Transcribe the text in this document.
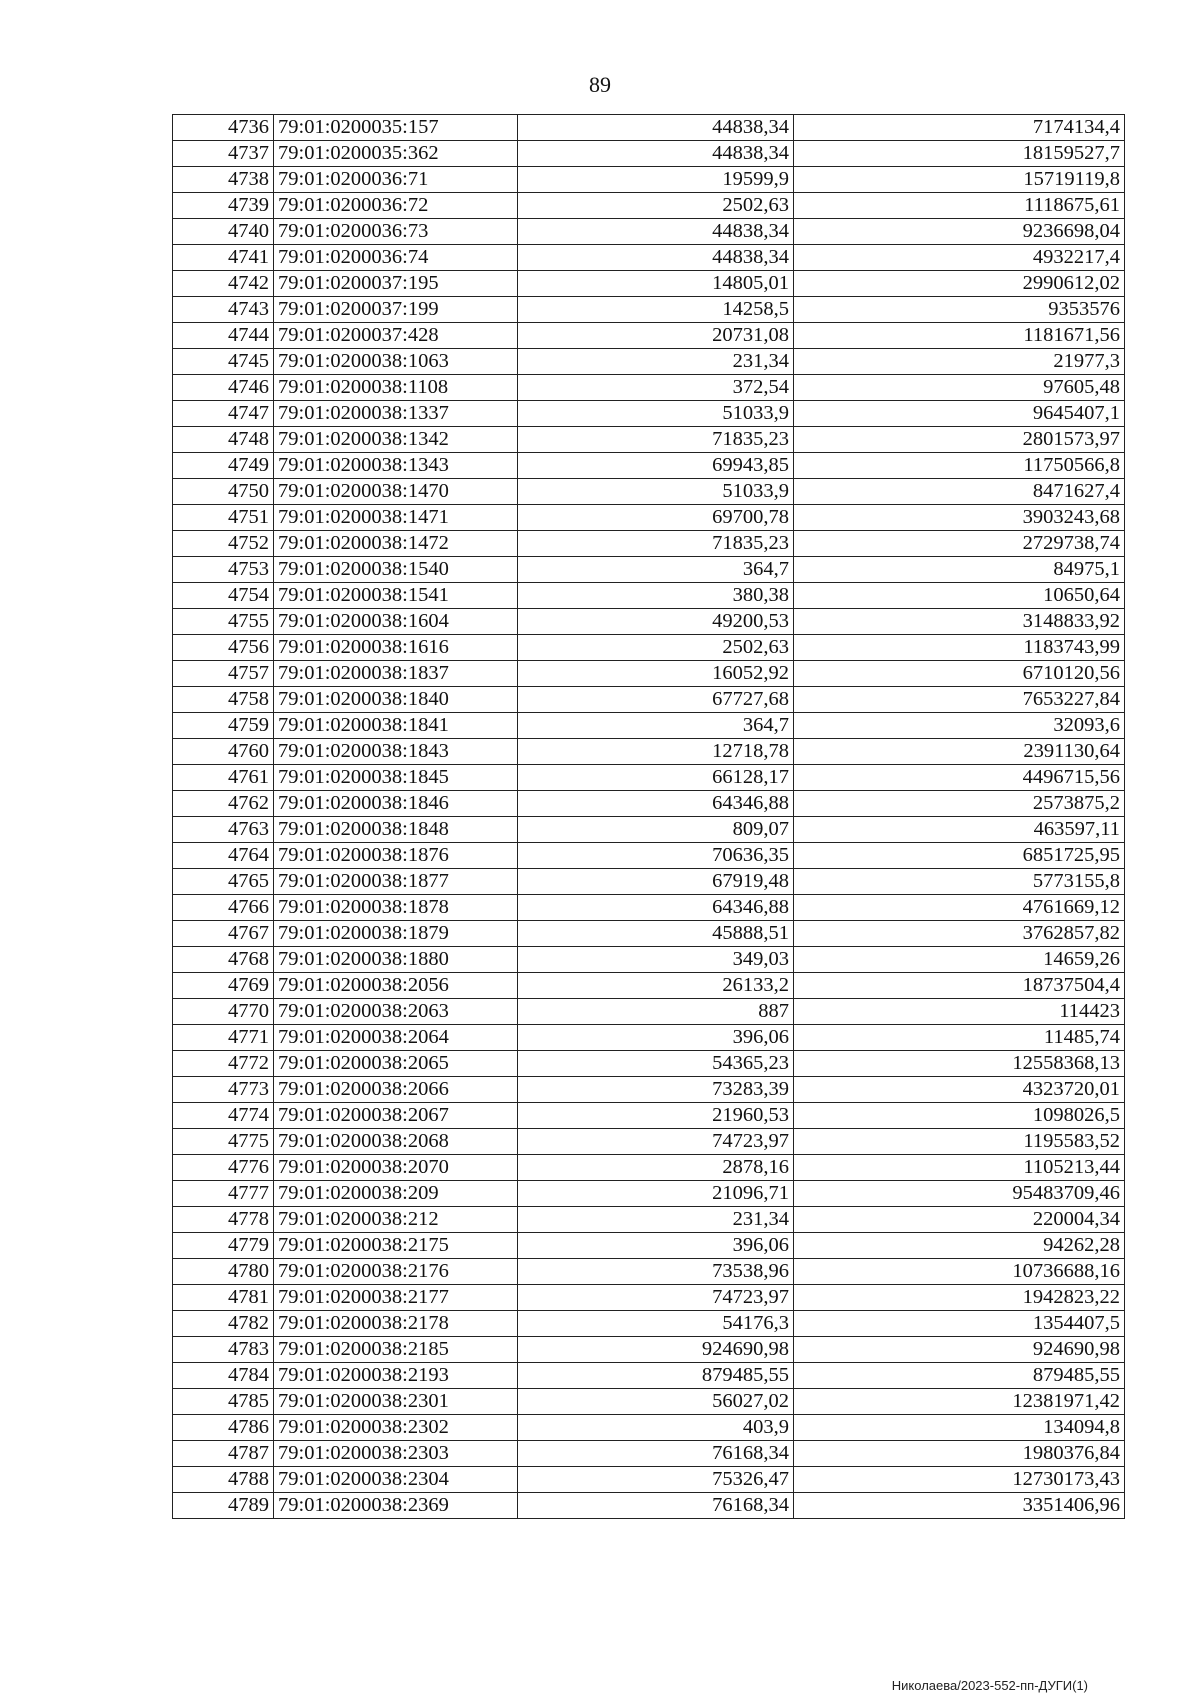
89
4736	79:01:0200035:157	44838,34	7174134,4
4737	79:01:0200035:362	44838,34	18159527,7
4738	79:01:0200036:71	19599,9	15719119,8
4739	79:01:0200036:72	2502,63	1118675,61
4740	79:01:0200036:73	44838,34	9236698,04
4741	79:01:0200036:74	44838,34	4932217,4
4742	79:01:0200037:195	14805,01	2990612,02
4743	79:01:0200037:199	14258,5	9353576
4744	79:01:0200037:428	20731,08	1181671,56
4745	79:01:0200038:1063	231,34	21977,3
4746	79:01:0200038:1108	372,54	97605,48
4747	79:01:0200038:1337	51033,9	9645407,1
4748	79:01:0200038:1342	71835,23	2801573,97
4749	79:01:0200038:1343	69943,85	11750566,8
4750	79:01:0200038:1470	51033,9	8471627,4
4751	79:01:0200038:1471	69700,78	3903243,68
4752	79:01:0200038:1472	71835,23	2729738,74
4753	79:01:0200038:1540	364,7	84975,1
4754	79:01:0200038:1541	380,38	10650,64
4755	79:01:0200038:1604	49200,53	3148833,92
4756	79:01:0200038:1616	2502,63	1183743,99
4757	79:01:0200038:1837	16052,92	6710120,56
4758	79:01:0200038:1840	67727,68	7653227,84
4759	79:01:0200038:1841	364,7	32093,6
4760	79:01:0200038:1843	12718,78	2391130,64
4761	79:01:0200038:1845	66128,17	4496715,56
4762	79:01:0200038:1846	64346,88	2573875,2
4763	79:01:0200038:1848	809,07	463597,11
4764	79:01:0200038:1876	70636,35	6851725,95
4765	79:01:0200038:1877	67919,48	5773155,8
4766	79:01:0200038:1878	64346,88	4761669,12
4767	79:01:0200038:1879	45888,51	3762857,82
4768	79:01:0200038:1880	349,03	14659,26
4769	79:01:0200038:2056	26133,2	18737504,4
4770	79:01:0200038:2063	887	114423
4771	79:01:0200038:2064	396,06	11485,74
4772	79:01:0200038:2065	54365,23	12558368,13
4773	79:01:0200038:2066	73283,39	4323720,01
4774	79:01:0200038:2067	21960,53	1098026,5
4775	79:01:0200038:2068	74723,97	1195583,52
4776	79:01:0200038:2070	2878,16	1105213,44
4777	79:01:0200038:209	21096,71	95483709,46
4778	79:01:0200038:212	231,34	220004,34
4779	79:01:0200038:2175	396,06	94262,28
4780	79:01:0200038:2176	73538,96	10736688,16
4781	79:01:0200038:2177	74723,97	1942823,22
4782	79:01:0200038:2178	54176,3	1354407,5
4783	79:01:0200038:2185	924690,98	924690,98
4784	79:01:0200038:2193	879485,55	879485,55
4785	79:01:0200038:2301	56027,02	12381971,42
4786	79:01:0200038:2302	403,9	134094,8
4787	79:01:0200038:2303	76168,34	1980376,84
4788	79:01:0200038:2304	75326,47	12730173,43
4789	79:01:0200038:2369	76168,34	3351406,96
Николаева/2023-552-пп-ДУГИ(1)
